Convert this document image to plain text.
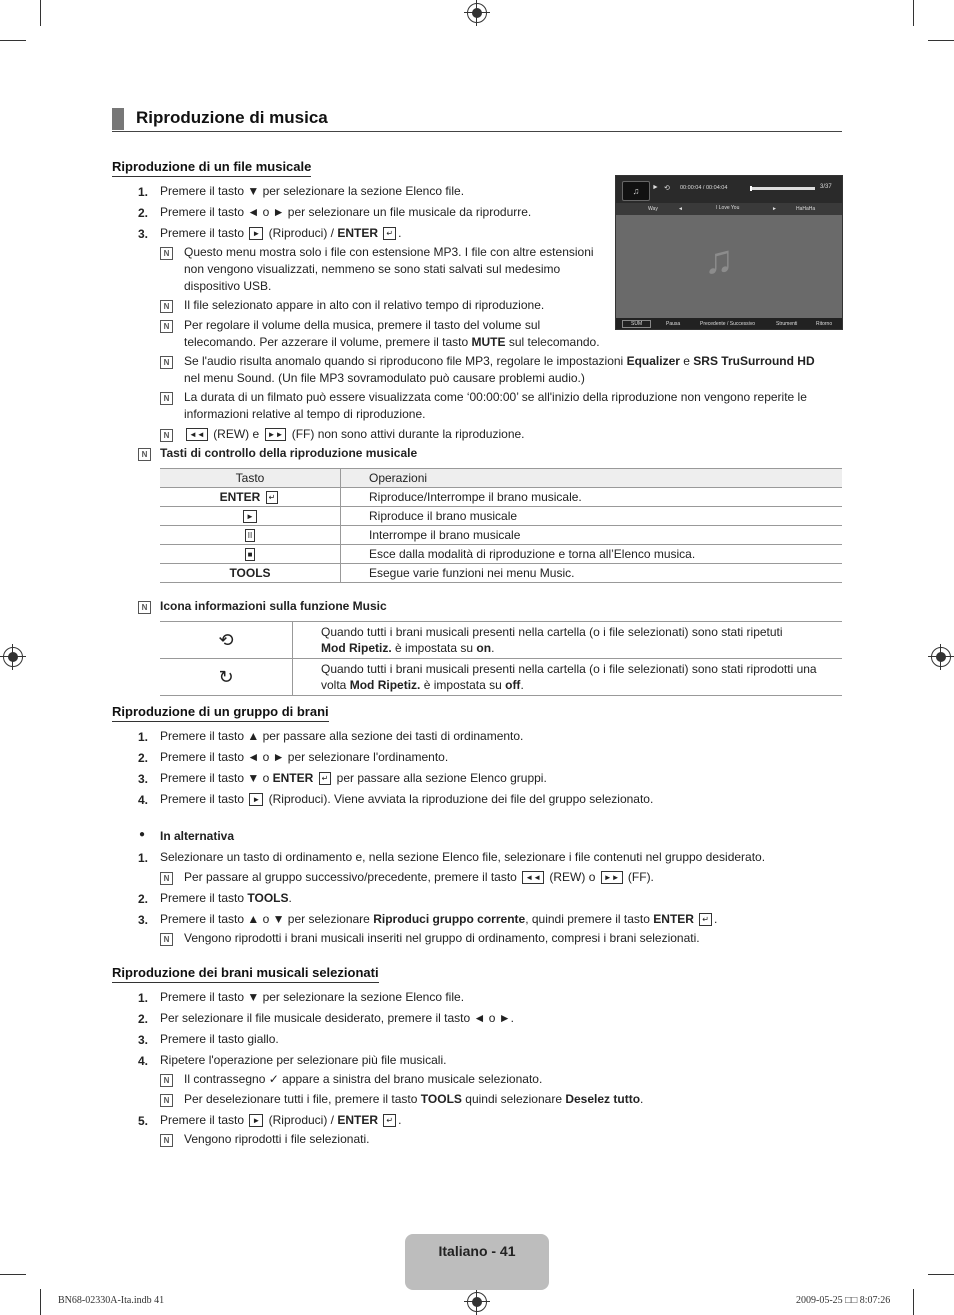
Riproduzione di musica
Riproduzione di un file musicale
1. Premere il tasto ▼ per selezionare la sezione Elenco file.
2. Premere il tasto ◄ o ► per selezionare un file musicale da riprodurre.
3. Premere il tasto ► (Riproduci) / ENTER ↵ .
N	Questo menu mostra solo i file con estensione MP3. I file con altre estensioni
non vengono visualizzati, nemmeno se sono stati salvati sul medesimo
dispositivo USB.
N	Il file selezionato appare in alto con il relativo tempo di riproduzione.
N	Per regolare il volume della musica, premere il tasto del volume sul
telecomando. Per azzerare il volume, premere il tasto MUTE sul telecomando.
N	Se l'audio risulta anomalo quando si riproducono file MP3, regolare le impostazioni Equalizer e SRS TruSurround HD
nel menu Sound. (Un file MP3 sovramodulato può causare problemi audio.)
N	La durata di un filmato può essere visualizzata come ‘00:00:00’ se all'inizio della riproduzione non vengono reperite le
informazioni relative al tempo di riproduzione.
N	◄◄ (REW) e ►► (FF) non sono attivi durante la riproduzione.
N	Tasti di controllo della riproduzione musicale
Tasto	Operazioni
ENTER ↵	Riproduce/Interrompe il brano musicale.
►	Riproduce il brano musicale
II	Interrompe il brano musicale
■	Esce dalla modalità di riproduzione e torna all’Elenco musica.
TOOLS	Esegue varie funzioni nei menu Music.
N	Icona informazioni sulla funzione Music
⟲	Quando tutti i brani musicali presenti nella cartella (o i file selezionati) sono stati ripetuti
Mod Ripetiz. è impostata su on.

↻	Quando tutti i brani musicali presenti nella cartella (o i file selezionati) sono stati riprodotti una
volta Mod Ripetiz. è impostata su off.
♫	► ⟲ 00:00:04 / 00:04:04	3/37
Way	◄	I Love You	►	HaHaHa
♫
SUM	Pausa	Precedente / Successivo	Strumenti	Ritorno
Riproduzione di un gruppo di brani
1. Premere il tasto ▲ per passare alla sezione dei tasti di ordinamento.
2. Premere il tasto ◄ o ► per selezionare l'ordinamento.
3. Premere il tasto ▼ o ENTER ↵ per passare alla sezione Elenco gruppi.
4. Premere il tasto ► (Riproduci). Viene avviata la riproduzione dei file del gruppo selezionato.
● In alternativa
1. Selezionare un tasto di ordinamento e, nella sezione Elenco file, selezionare i file contenuti nel gruppo desiderato.
N	Per passare al gruppo successivo/precedente, premere il tasto ◄◄ (REW) o ►► (FF).
2. Premere il tasto TOOLS.
3. Premere il tasto ▲ o ▼ per selezionare Riproduci gruppo corrente, quindi premere il tasto ENTER ↵ .
N	Vengono riprodotti i brani musicali inseriti nel gruppo di ordinamento, compresi i brani selezionati.
Riproduzione dei brani musicali selezionati
1. Premere il tasto ▼ per selezionare la sezione Elenco file.
2. Per selezionare il file musicale desiderato, premere il tasto ◄ o ►.
3. Premere il tasto giallo.
4. Ripetere l'operazione per selezionare più file musicali.
N	Il contrassegno ✓ appare a sinistra del brano musicale selezionato.
N	Per deselezionare tutti i file, premere il tasto TOOLS quindi selezionare Deselez tutto.
5. Premere il tasto ► (Riproduci) / ENTER ↵ .
N	Vengono riprodotti i file selezionati.
Italiano - 41
BN68-02330A-Ita.indb 41	2009-05-25 □□ 8:07:26
